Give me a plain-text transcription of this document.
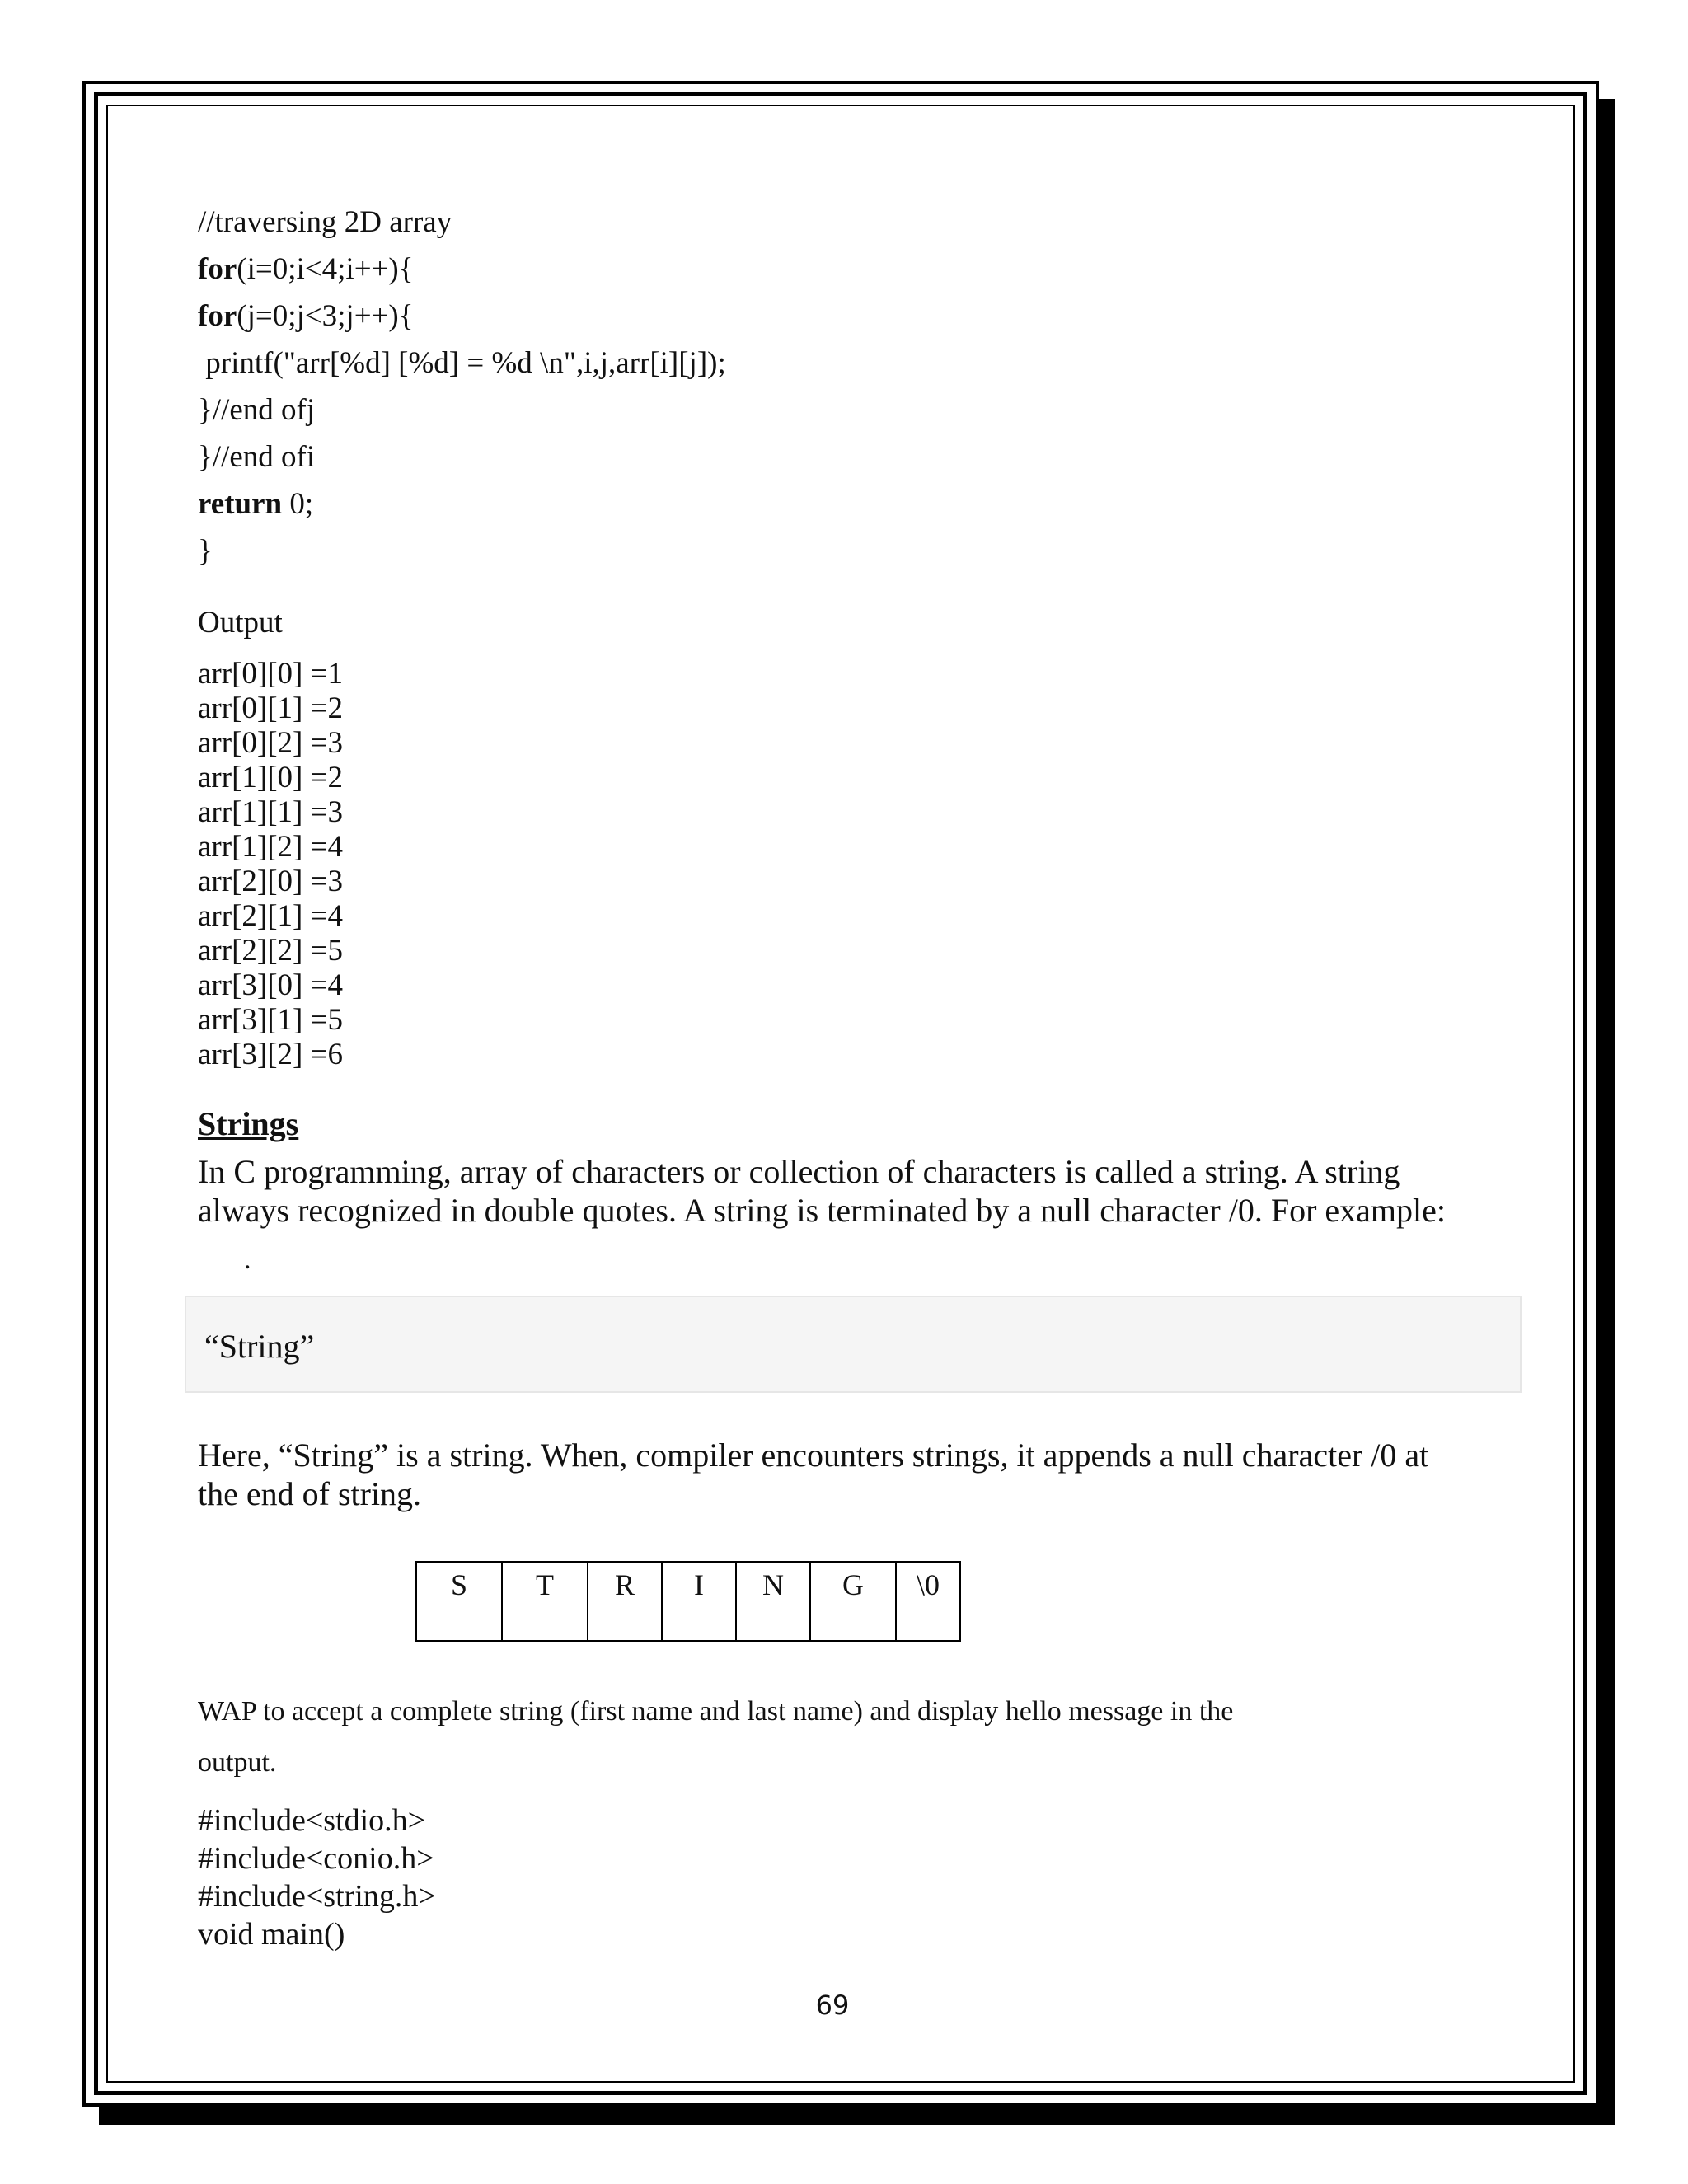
//traversing 2D array
for(i=0;i<4;i++){
for(j=0;j<3;j++){
printf("arr[%d] [%d] = %d \n",i,j,arr[i][j]);
}//end ofj
}//end ofi
return 0;
}
Output
arr[0][0] =1
arr[0][1] =2
arr[0][2] =3
arr[1][0] =2
arr[1][1] =3
arr[1][2] =4
arr[2][0] =3
arr[2][1] =4
arr[2][2] =5
arr[3][0] =4
arr[3][1] =5
arr[3][2] =6
Strings
In C programming, array of characters or collection of characters is called a string. A string
always recognized in double quotes. A string is terminated by a null character /0. For example:
.
“String”
Here, “String” is a string. When, compiler encounters strings, it appends a null character /0 at
the end of string.
S	T	R	I	N	G	\0
WAP to accept a complete string (first name and last name) and display hello message in the
output.
#include<stdio.h>
#include<conio.h>
#include<string.h>
void main()
69
